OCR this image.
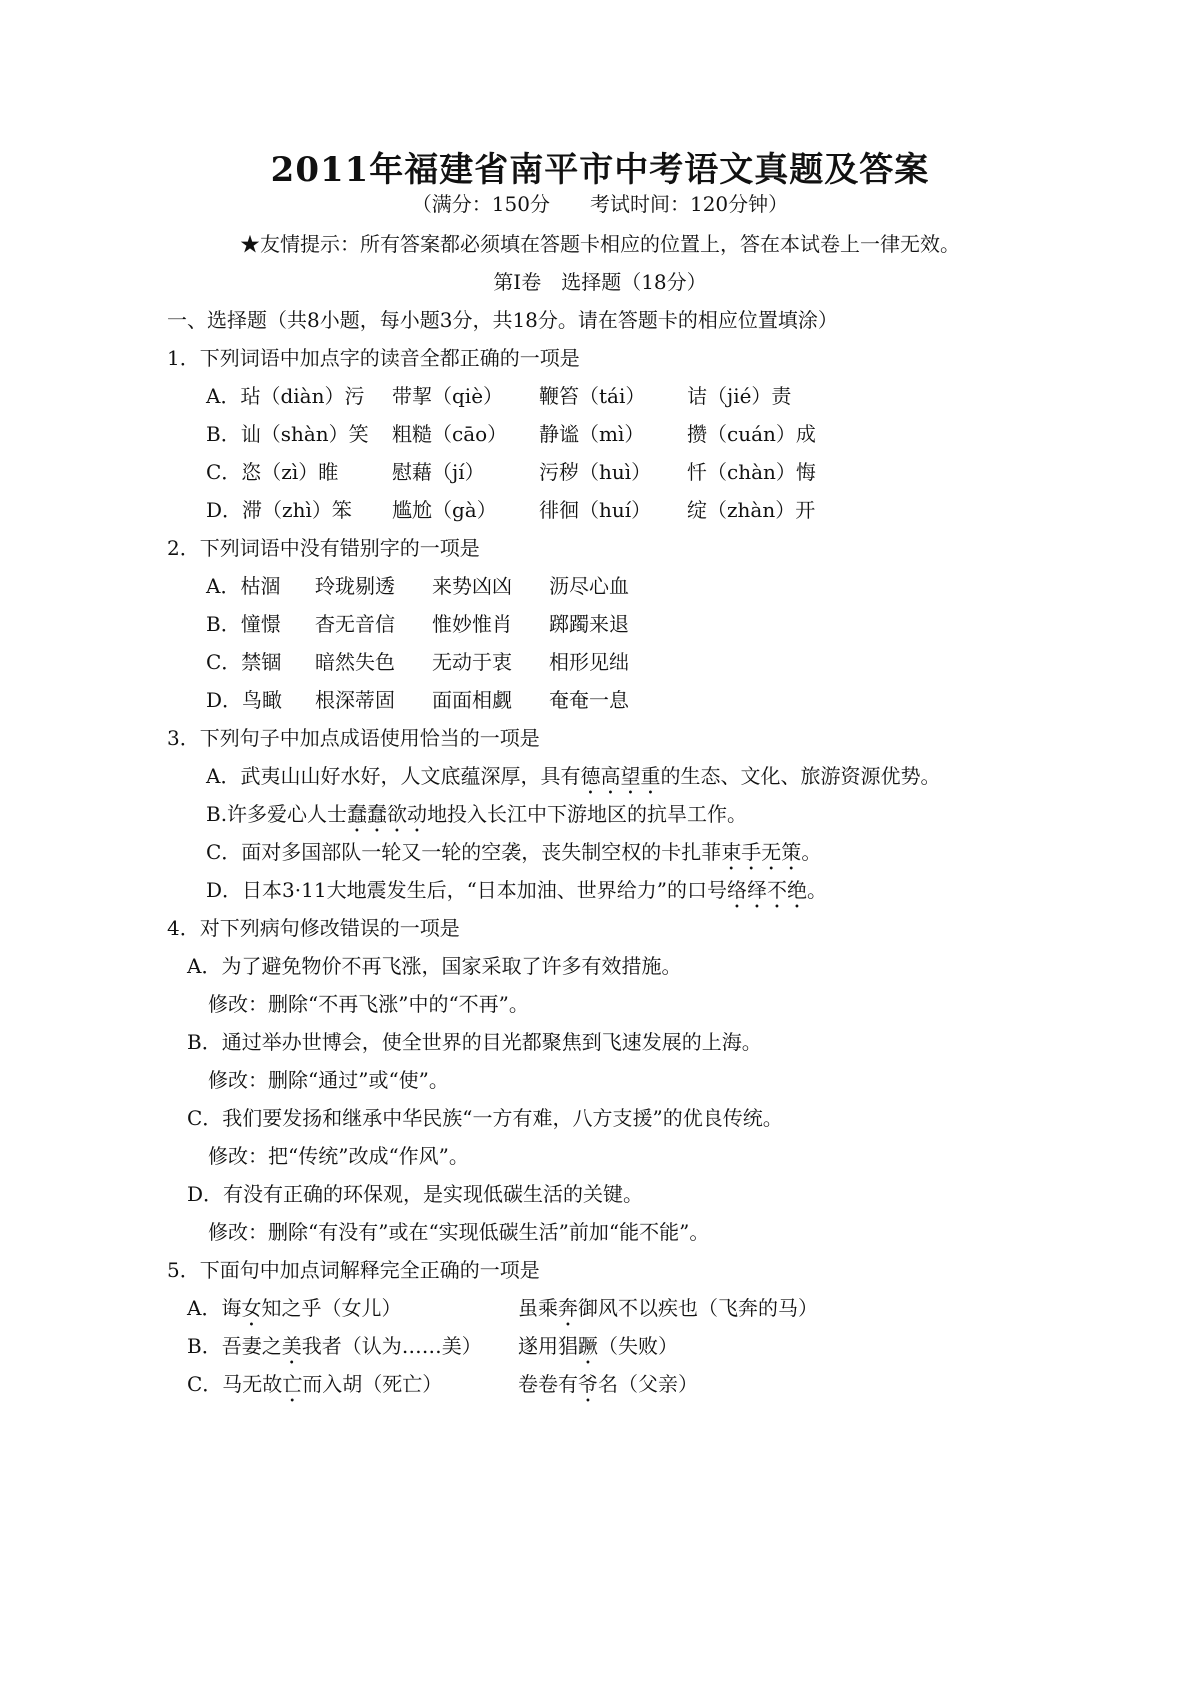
2011年福建省南平市中考语文真题及答案
（满分：150分　　考试时间：120分钟）
★友情提示：所有答案都必须填在答题卡相应的位置上，答在本试卷上一律无效。
第Ⅰ卷　选择题（18分）
一、选择题（共8小题，每小题3分，共18分。请在答题卡的相应位置填涂）
1．下列词语中加点字的读音全都正确的一项是
A．玷（diàn）污 带挈（qiè） 鞭笞（tái） 诘（jié）责
B．讪（shàn）笑 粗糙（cāo） 静谧（mì） 攒（cuán）成
C．恣（zì）睢	慰藉（jí）	污秽（huì） 忏（chàn）悔
D．滞（zhì）笨 尴尬（gà） 徘徊（huí） 绽（zhàn）开
2．下列词语中没有错别字的一项是
A．枯涸 玲珑剔透 来势凶凶 沥尽心血
B．憧憬 杳无音信 惟妙惟肖 踯躅来退
C．禁锢 暗然失色 无动于衷 相形见绌
D．鸟瞰 根深蒂固 面面相觑 奄奄一息
3．下列句子中加点成语使用恰当的一项是
A．武夷山山好水好，人文底蕴深厚，具有德高望重的生态、文化、旅游资源优势。
B.许多爱心人士蠢蠢欲动地投入长江中下游地区的抗旱工作。
C．面对多国部队一轮又一轮的空袭，丧失制空权的卡扎菲束手无策。
D．日本3·11大地震发生后，“日本加油、世界给力”的口号络绎不绝。
4．对下列病句修改错误的一项是
A．为了避免物价不再飞涨，国家采取了许多有效措施。
修改：删除“不再飞涨”中的“不再”。
B．通过举办世博会，使全世界的目光都聚焦到飞速发展的上海。
修改：删除“通过”或“使”。
C．我们要发扬和继承中华民族“一方有难，八方支援”的优良传统。
修改：把“传统”改成“作风”。
D．有没有正确的环保观，是实现低碳生活的关键。
修改：删除“有没有”或在“实现低碳生活”前加“能不能”。
5．下面句中加点词解释完全正确的一项是
A．诲女知之乎（女儿）	虽乘奔御风不以疾也（飞奔的马）
B．吾妻之美我者（认为……美） 遂用猖蹶（失败）
C．马无故亡而入胡（死亡）	卷卷有爷名（父亲）
